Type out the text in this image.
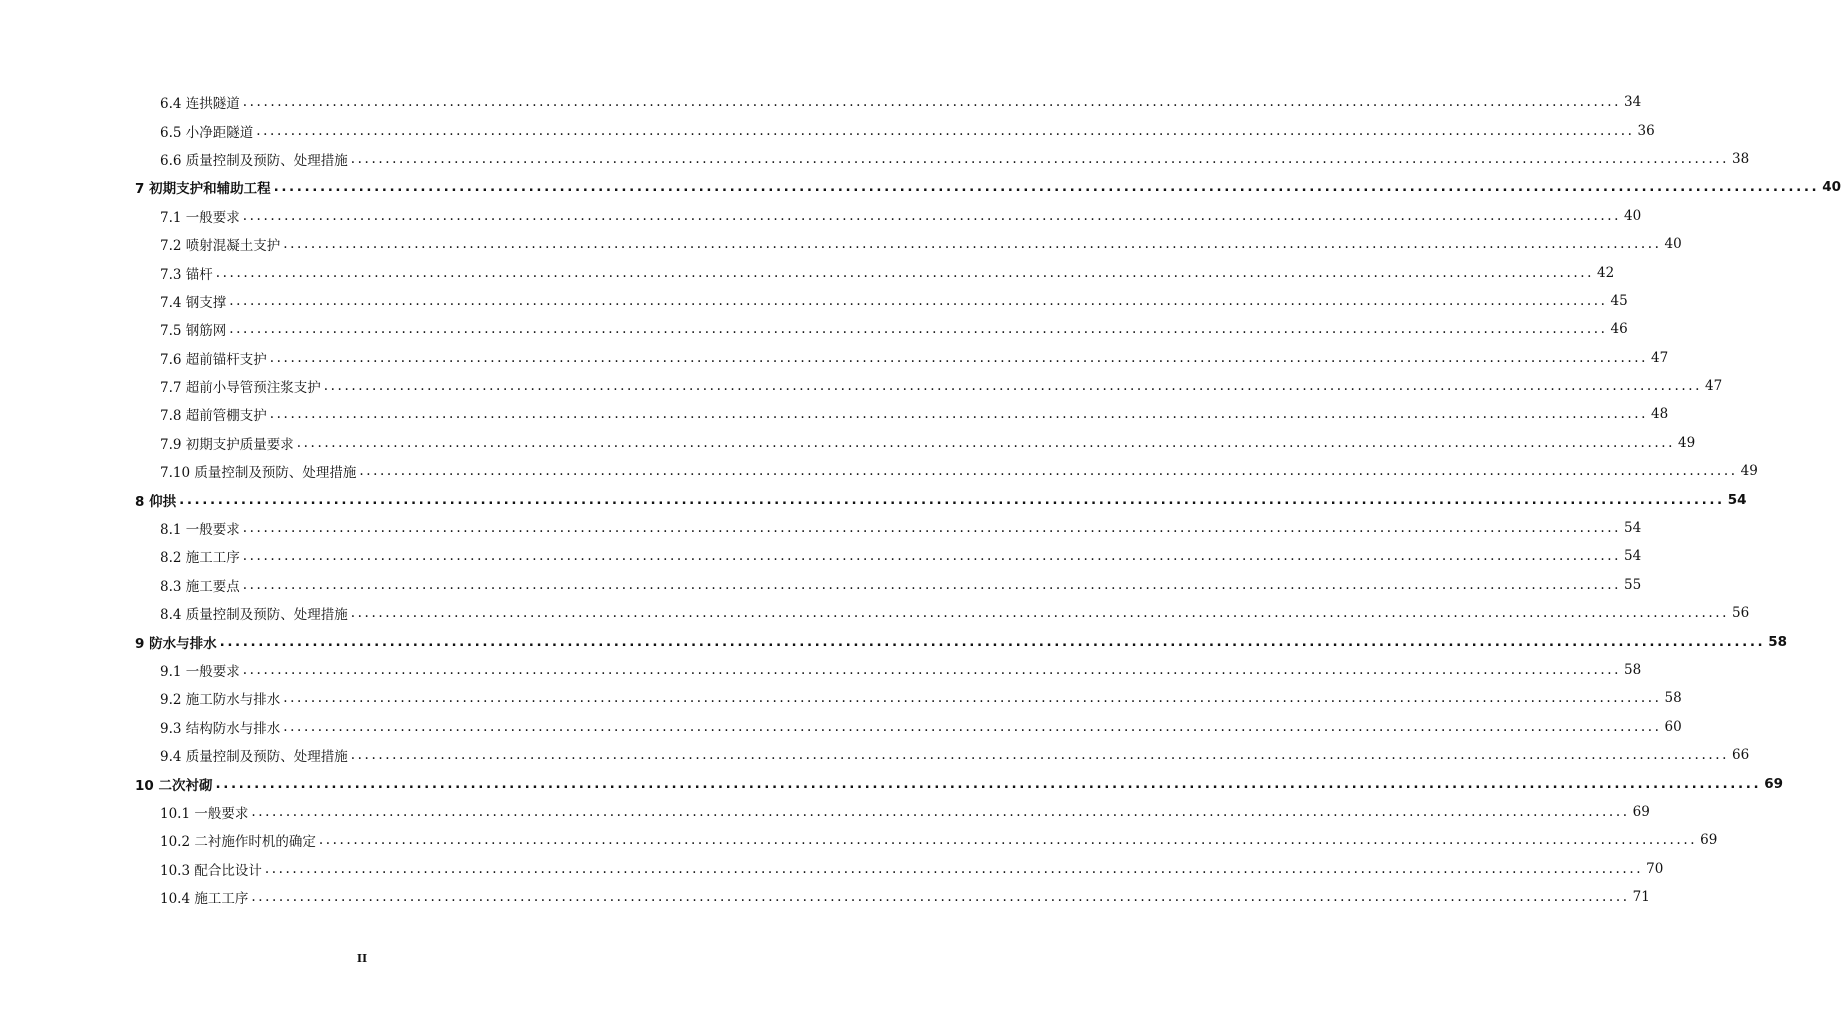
6.4 连拱隧道 ........................................................................................................................................................................................................ 34
6.5 小净距隧道 ........................................................................................................................................................................................................ 36
6.6 质量控制及预防、处理措施 ........................................................................................................................................................................................................ 38
7 初期支护和辅助工程 ........................................................................................................................................................................................................ 40
7.1 一般要求 ........................................................................................................................................................................................................ 40
7.2 喷射混凝土支护 ........................................................................................................................................................................................................ 40
7.3 锚杆 ........................................................................................................................................................................................................ 42
7.4 钢支撑 ........................................................................................................................................................................................................ 45
7.5 钢筋网 ........................................................................................................................................................................................................ 46
7.6 超前锚杆支护 ........................................................................................................................................................................................................ 47
7.7 超前小导管预注浆支护 ........................................................................................................................................................................................................ 47
7.8 超前管棚支护 ........................................................................................................................................................................................................ 48
7.9 初期支护质量要求 ........................................................................................................................................................................................................ 49
7.10 质量控制及预防、处理措施 ........................................................................................................................................................................................................ 49
8 仰拱 ........................................................................................................................................................................................................ 54
8.1 一般要求 ........................................................................................................................................................................................................ 54
8.2 施工工序 ........................................................................................................................................................................................................ 54
8.3 施工要点 ........................................................................................................................................................................................................ 55
8.4 质量控制及预防、处理措施 ........................................................................................................................................................................................................ 56
9 防水与排水 ........................................................................................................................................................................................................ 58
9.1 一般要求 ........................................................................................................................................................................................................ 58
9.2 施工防水与排水 ........................................................................................................................................................................................................ 58
9.3 结构防水与排水 ........................................................................................................................................................................................................ 60
9.4 质量控制及预防、处理措施 ........................................................................................................................................................................................................ 66
10 二次衬砌 ........................................................................................................................................................................................................ 69
10.1 一般要求 ........................................................................................................................................................................................................ 69
10.2 二衬施作时机的确定 ........................................................................................................................................................................................................ 69
10.3 配合比设计 ........................................................................................................................................................................................................ 70
10.4 施工工序 ........................................................................................................................................................................................................ 71
II
